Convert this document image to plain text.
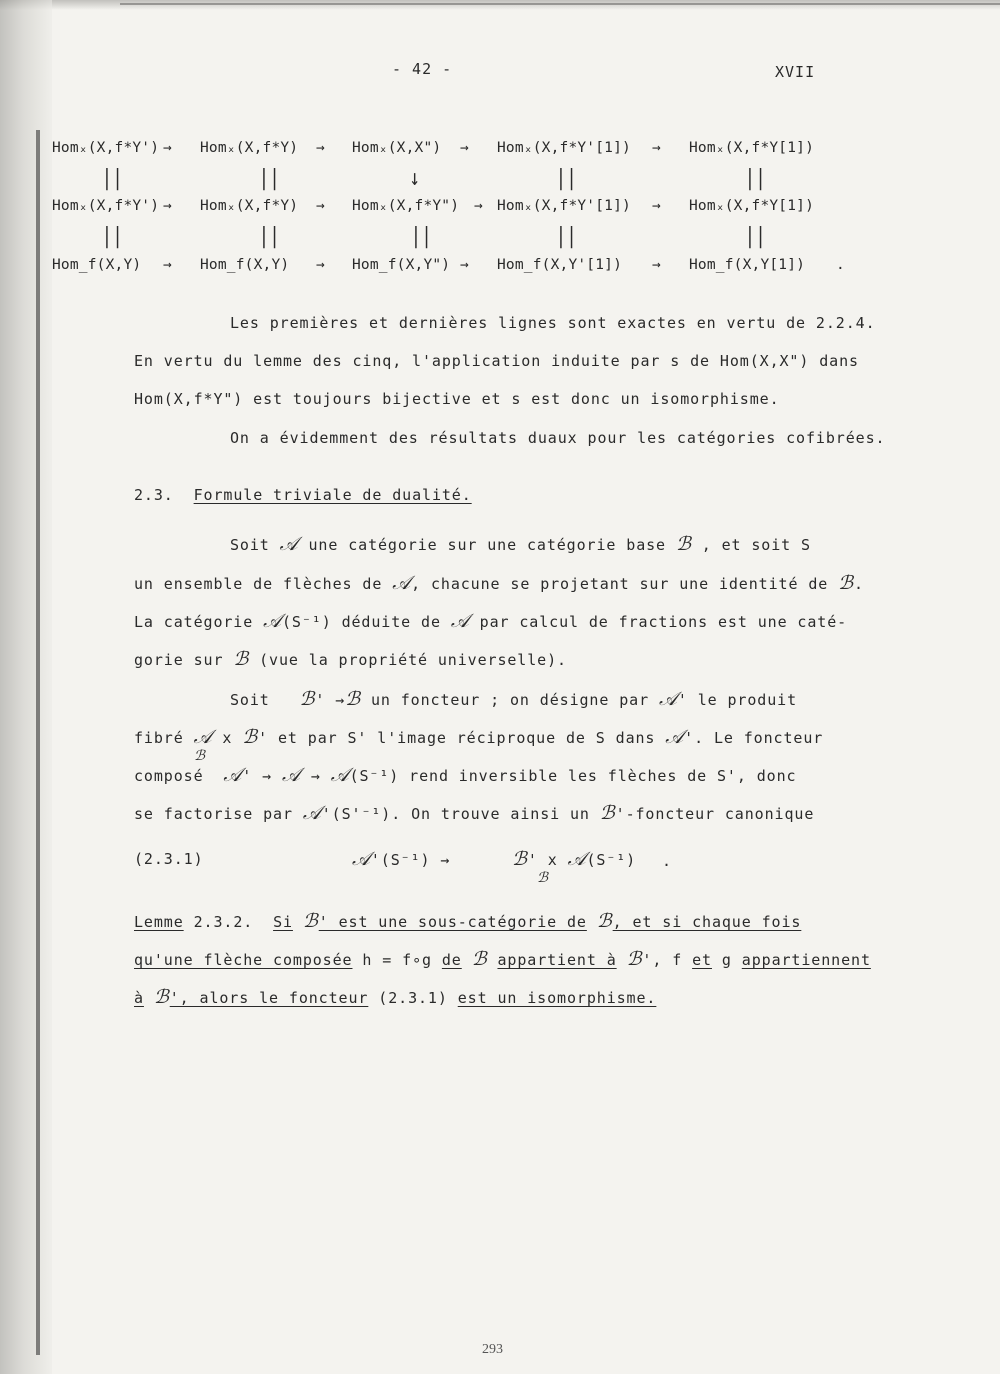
- 42 -	XVII
Homₓ(X,f*Y') → Homₓ(X,f*Y) → Homₓ(X,X") → Homₓ(X,f*Y'[1]) → Homₓ(X,f*Y[1])
||	||	↓	||	||
Homₓ(X,f*Y') → Homₓ(X,f*Y) → Homₓ(X,f*Y") → Homₓ(X,f*Y'[1]) → Homₓ(X,f*Y[1])
||	||	||	||	||
Hom_f(X,Y) → Hom_f(X,Y) → Hom_f(X,Y") → Hom_f(X,Y'[1]) → Hom_f(X,Y[1]) .
Les premières et dernières lignes sont exactes en vertu de 2.2.4.
En vertu du lemme des cinq, l'application induite par s de Hom(X,X") dans
Hom(X,f*Y") est toujours bijective et s est donc un isomorphisme.
On a évidemment des résultats duaux pour les catégories cofibrées.
2.3. Formule triviale de dualité.
Soit 𝒜 une catégorie sur une catégorie base ℬ , et soit S
un ensemble de flèches de 𝒜, chacune se projetant sur une identité de ℬ.
La catégorie 𝒜(S⁻¹) déduite de 𝒜 par calcul de fractions est une caté-
gorie sur ℬ (vue la propriété universelle).
Soit ℬ' →ℬ un foncteur ; on désigne par 𝒜' le produit
fibré 𝒜 x ℬ' et par S' l'image réciproque de S dans 𝒜'. Le foncteur
ℬ
composé 𝒜' → 𝒜 → 𝒜(S⁻¹) rend inversible les flèches de S', donc
se factorise par 𝒜'(S'⁻¹). On trouve ainsi un ℬ'-foncteur canonique
(2.3.1)	𝒜'(S⁻¹) →	ℬ' x 𝒜(S⁻¹)
ℬ
.
Lemme 2.3.2. Si ℬ' est une sous-catégorie de ℬ, et si chaque fois
qu'une flèche composée h = f∘g de ℬ appartient à ℬ', f et g appartiennent
à ℬ', alors le foncteur (2.3.1) est un isomorphisme.
293
